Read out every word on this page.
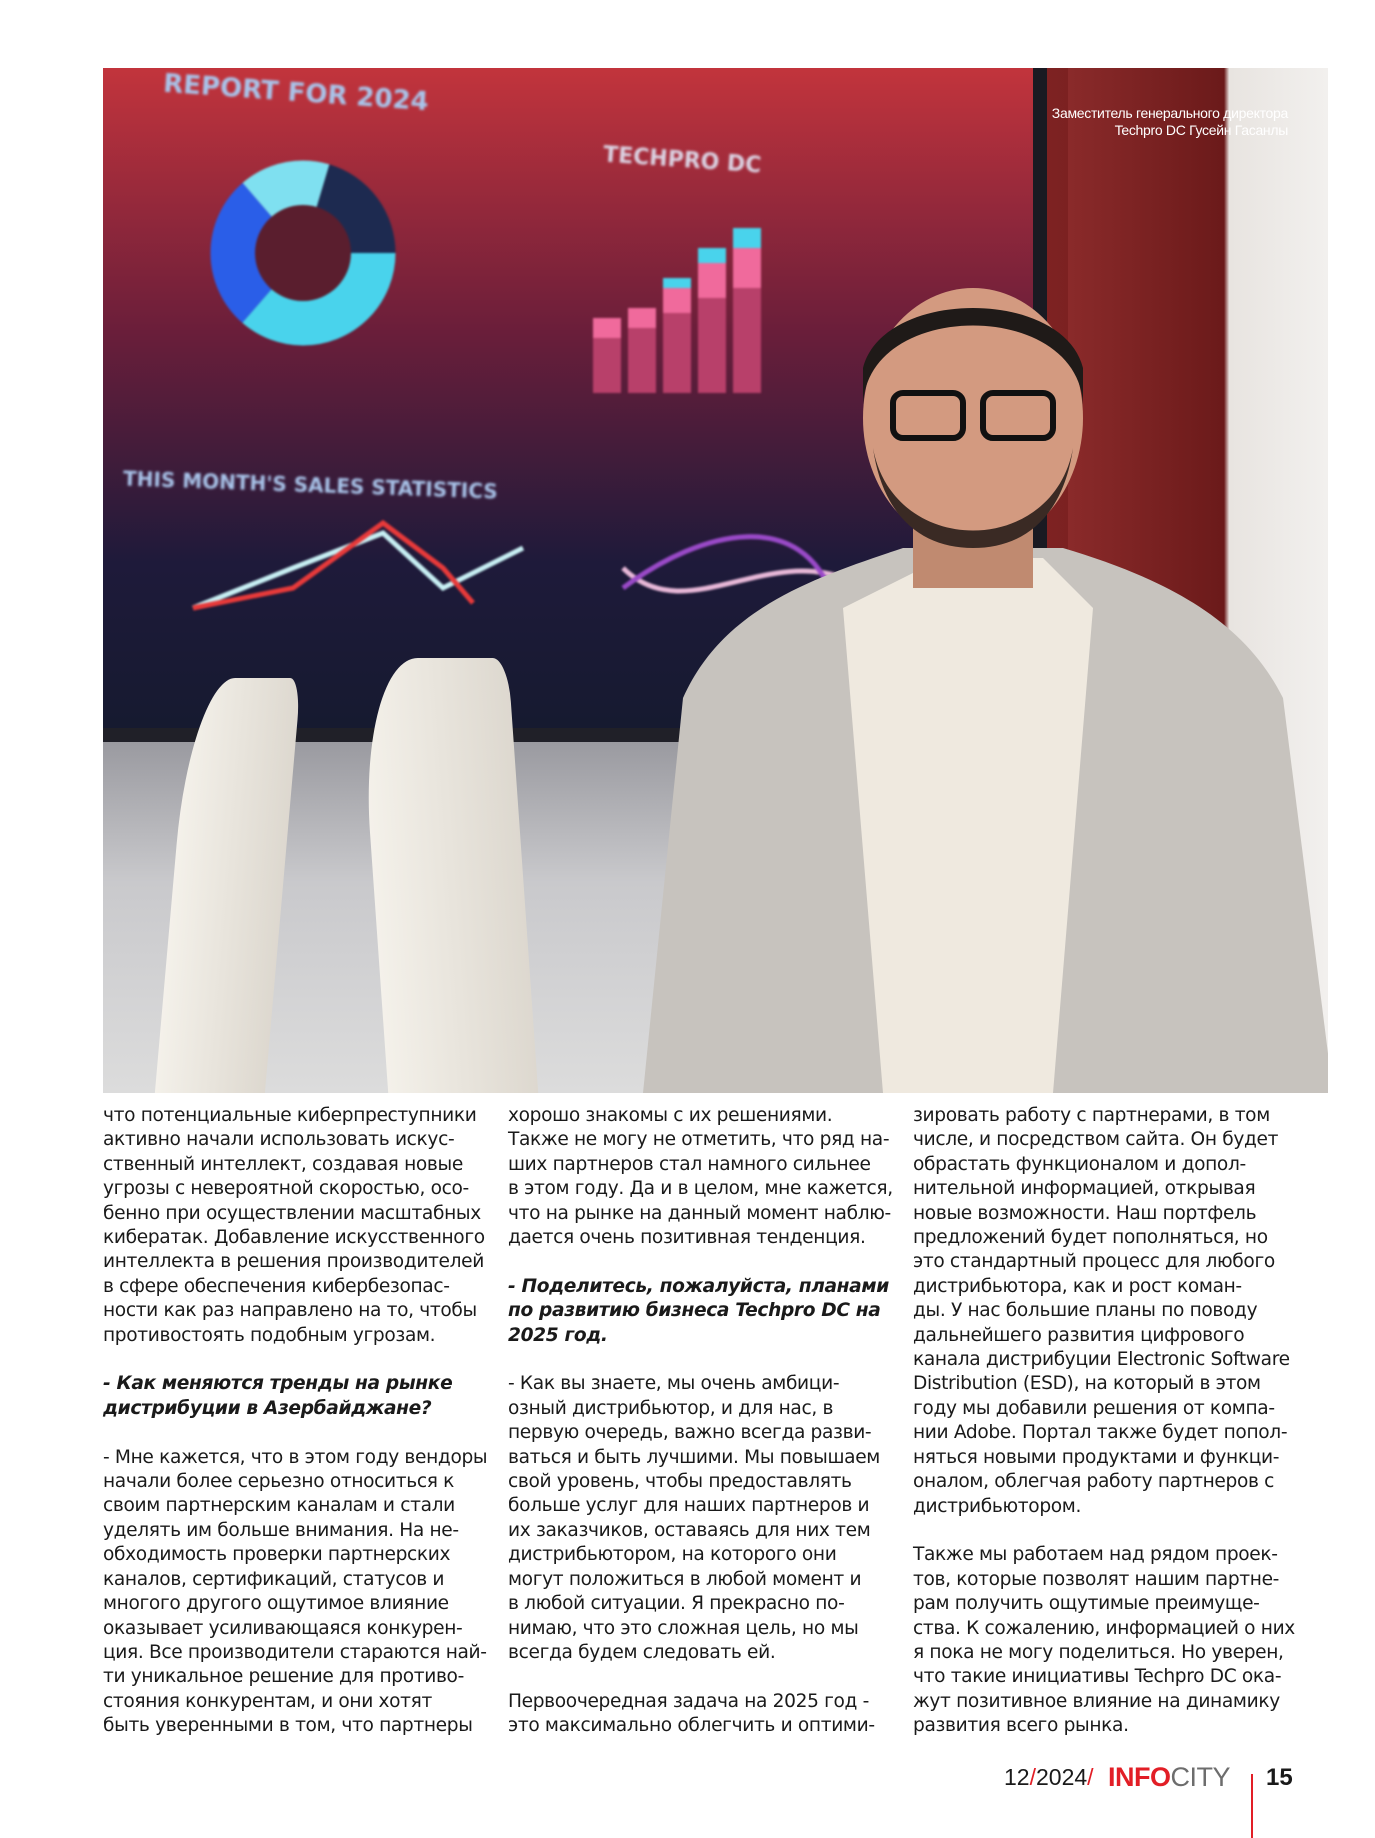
REPORT FOR 2024
TECHPRO DC
THIS MONTH'S SALES STATISTICS
Заместитель генерального директора
Techpro DC Гусейн Гасанлы

что потенциальные киберпреступники
активно начали использовать искус-
ственный интеллект, создавая новые
угрозы с невероятной скоростью, осо-
бенно при осуществлении масштабных
кибератак. Добавление искусственного
интеллекта в решения производителей
в сфере обеспечения кибербезопас-
ности как раз направлено на то, чтобы
противостоять подобным угрозам.

- Как меняются тренды на рынке
дистрибуции в Азербайджане?

- Мне кажется, что в этом году вендоры
начали более серьезно относиться к
своим партнерским каналам и стали
уделять им больше внимания. На не-
обходимость проверки партнерских
каналов, сертификаций, статусов и
многого другого ощутимое влияние
оказывает усиливающаяся конкурен-
ция. Все производители стараются най-
ти уникальное решение для противо-
стояния конкурентам, и они хотят
быть уверенными в том, что партнеры

хорошо знакомы с их решениями.
Также не могу не отметить, что ряд на-
ших партнеров стал намного сильнее
в этом году. Да и в целом, мне кажется,
что на рынке на данный момент наблю-
дается очень позитивная тенденция.

- Поделитесь, пожалуйста, планами
по развитию бизнеса Techpro DC на
2025 год.

- Как вы знаете, мы очень амбици-
озный дистрибьютор, и для нас, в
первую очередь, важно всегда разви-
ваться и быть лучшими. Мы повышаем
свой уровень, чтобы предоставлять
больше услуг для наших партнеров и
их заказчиков, оставаясь для них тем
дистрибьютором, на которого они
могут положиться в любой момент и
в любой ситуации. Я прекрасно по-
нимаю, что это сложная цель, но мы
всегда будем следовать ей.

Первоочередная задача на 2025 год -
это максимально облегчить и оптими-

зировать работу с партнерами, в том
числе, и посредством сайта. Он будет
обрастать функционалом и допол-
нительной информацией, открывая
новые возможности. Наш портфель
предложений будет пополняться, но
это стандартный процесс для любого
дистрибьютора, как и рост коман-
ды. У нас большие планы по поводу
дальнейшего развития цифрового
канала дистрибуции Electronic Software
Distribution (ESD), на который в этом
году мы добавили решения от компа-
нии Adobe. Портал также будет попол-
няться новыми продуктами и функци-
оналом, облегчая работу партнеров с
дистрибьютором.

Также мы работаем над рядом проек-
тов, которые позволят нашим партне-
рам получить ощутимые преимуще-
ства. К сожалению, информацией о них
я пока не могу поделиться. Но уверен,
что такие инициативы Techpro DC ока-
жут позитивное влияние на динамику
развития всего рынка.

12/2024/ INFOCITY 15
